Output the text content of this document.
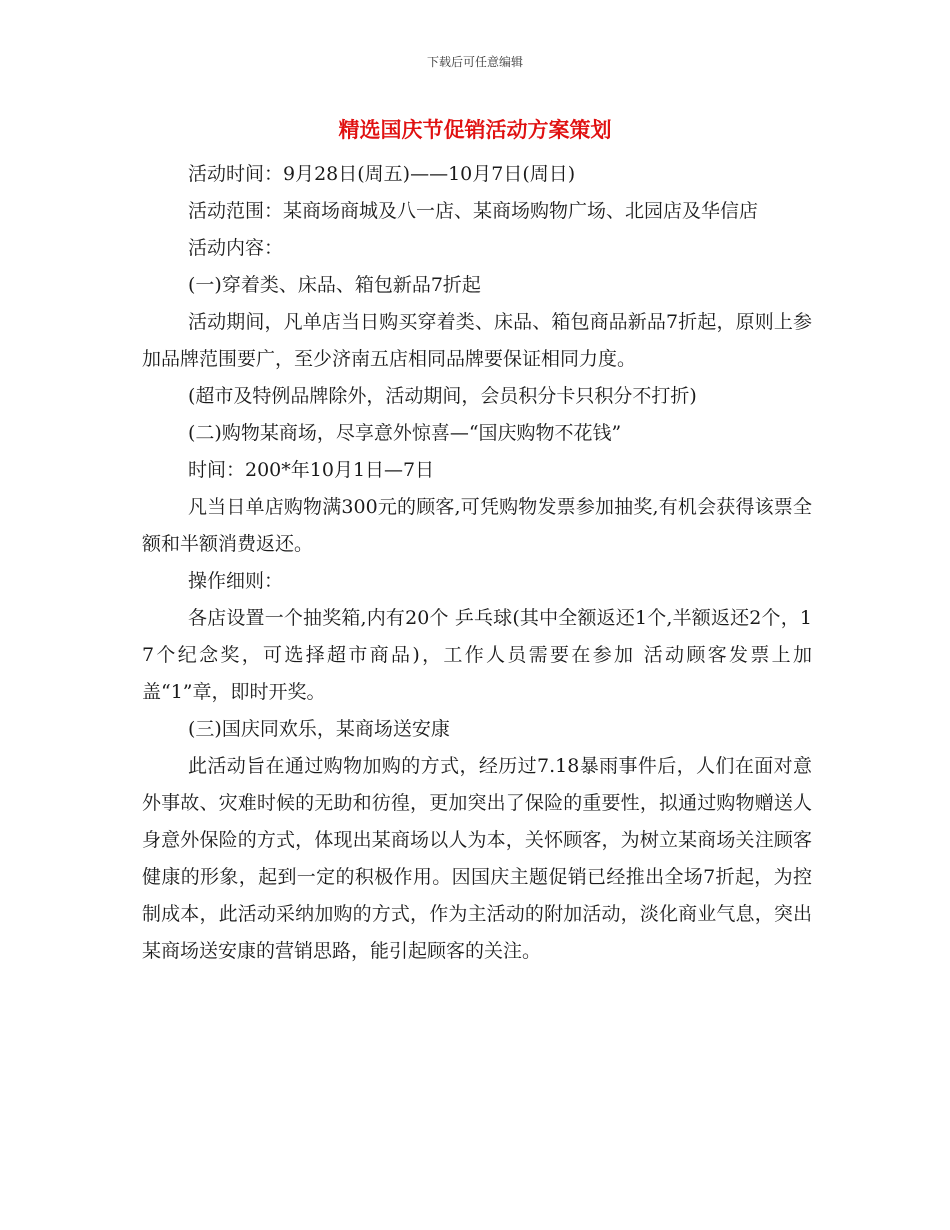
下载后可任意编辑
精选国庆节促销活动方案策划

活动时间：9月28日(周五)——10月7日(周日)

活动范围：某商场商城及八一店、某商场购物广场、北园店及华信店

活动内容：

(一)穿着类、床品、箱包新品7折起

活动期间，凡单店当日购买穿着类、床品、箱包商品新品7折起，原则上参加品牌范围要广，至少济南五店相同品牌要保证相同力度。

(超市及特例品牌除外，活动期间，会员积分卡只积分不打折)

(二)购物某商场，尽享意外惊喜—“国庆购物不花钱”

时间：200*年10月1日—7日

凡当日单店购物满300元的顾客,可凭购物发票参加抽奖,有机会获得该票全额和半额消费返还。

操作细则：

各店设置一个抽奖箱,内有20个 乒乓球(其中全额返还1个,半额返还2个，17个纪念奖，可选择超市商品)，工作人员需要在参加 活动顾客发票上加盖“1”章，即时开奖。

(三)国庆同欢乐，某商场送安康

此活动旨在通过购物加购的方式，经历过7.18暴雨事件后，人们在面对意外事故、灾难时候的无助和彷徨，更加突出了保险的重要性，拟通过购物赠送人身意外保险的方式，体现出某商场以人为本，关怀顾客，为树立某商场关注顾客健康的形象，起到一定的积极作用。因国庆主题促销已经推出全场7折起，为控制成本，此活动采纳加购的方式，作为主活动的附加活动，淡化商业气息，突出某商场送安康的营销思路，能引起顾客的关注。
